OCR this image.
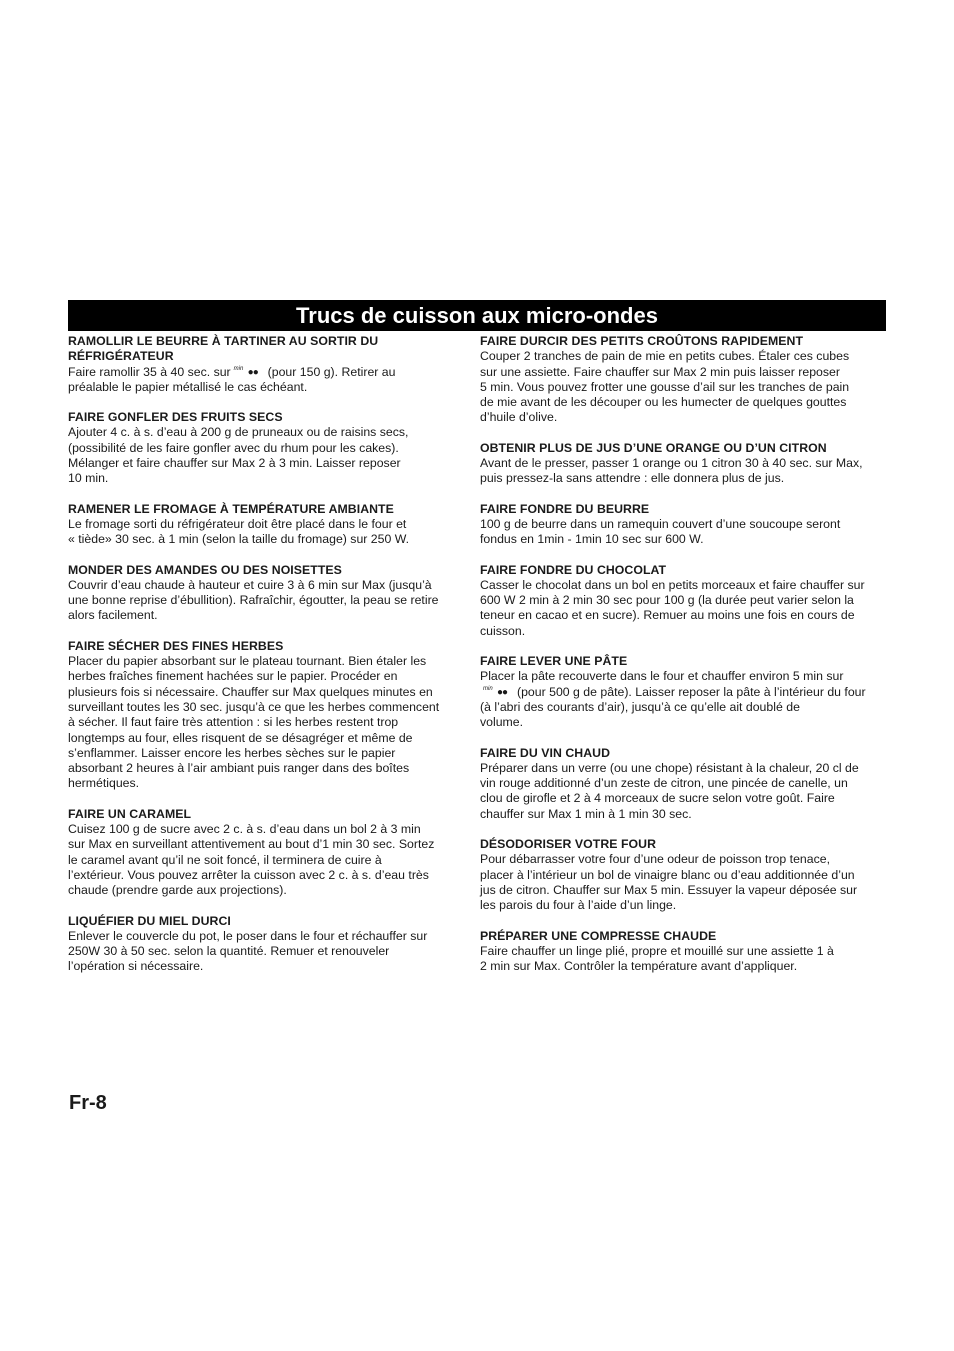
Trucs de cuisson aux micro-ondes
RAMOLLIR LE BEURRE À TARTINER AU SORTIR DU
RÉFRIGÉRATEUR

Faire ramollir 35 à 40 sec. sur min ●● (pour 150 g). Retirer au
préalable le papier métallisé le cas échéant.

FAIRE GONFLER DES FRUITS SECS

Ajouter 4 c. à s. d’eau à 200 g de pruneaux ou de raisins secs,
(possibilité de les faire gonfler avec du rhum pour les cakes).
Mélanger et faire chauffer sur Max 2 à 3 min. Laisser reposer
10 min.

RAMENER LE FROMAGE À TEMPÉRATURE AMBIANTE

Le fromage sorti du réfrigérateur doit être placé dans le four et
« tiède» 30 sec. à 1 min (selon la taille du fromage) sur 250 W.

MONDER DES AMANDES OU DES NOISETTES

Couvrir d’eau chaude à hauteur et cuire 3 à 6 min sur Max (jusqu’à
une bonne reprise d’ébullition). Rafraîchir, égoutter, la peau se retire
alors facilement.

FAIRE SÉCHER DES FINES HERBES

Placer du papier absorbant sur le plateau tournant. Bien étaler les
herbes fraîches finement hachées sur le papier. Procéder en
plusieurs fois si nécessaire. Chauffer sur Max quelques minutes en
surveillant toutes les 30 sec. jusqu’à ce que les herbes commencent
à sécher. Il faut faire très attention : si les herbes restent trop
longtemps au four, elles risquent de se désagréger et même de
s’enflammer. Laisser encore les herbes sèches sur le papier
absorbant 2 heures à l’air ambiant puis ranger dans des boîtes
hermétiques.

FAIRE UN CARAMEL

Cuisez 100 g de sucre avec 2 c. à s. d’eau dans un bol 2 à 3 min
sur Max en surveillant attentivement au bout d’1 min 30 sec. Sortez
le caramel avant qu’il ne soit foncé, il terminera de cuire à
l’extérieur. Vous pouvez arrêter la cuisson avec 2 c. à s. d’eau très
chaude (prendre garde aux projections).

LIQUÉFIER DU MIEL DURCI

Enlever le couvercle du pot, le poser dans le four et réchauffer sur
250W 30 à 50 sec. selon la quantité. Remuer et renouveler
l’opération si nécessaire.

FAIRE DURCIR DES PETITS CROÛTONS RAPIDEMENT

Couper 2 tranches de pain de mie en petits cubes. Étaler ces cubes
sur une assiette. Faire chauffer sur Max 2 min puis laisser reposer
5 min. Vous pouvez frotter une gousse d’ail sur les tranches de pain
de mie avant de les découper ou les humecter de quelques gouttes
d’huile d’olive.

OBTENIR PLUS DE JUS D’UNE ORANGE OU D’UN CITRON

Avant de le presser, passer 1 orange ou 1 citron 30 à 40 sec. sur Max,
puis pressez-la sans attendre : elle donnera plus de jus.

FAIRE FONDRE DU BEURRE

100 g de beurre dans un ramequin couvert d’une soucoupe seront
fondus en 1min - 1min 10 sec sur 600 W.

FAIRE FONDRE DU CHOCOLAT

Casser le chocolat dans un bol en petits morceaux et faire chauffer sur
600 W 2 min à 2 min 30 sec pour 100 g (la durée peut varier selon la
teneur en cacao et en sucre). Remuer au moins une fois en cours de
cuisson.

FAIRE LEVER UNE PÂTE

Placer la pâte recouverte dans le four et chauffer environ 5 min sur
min ●● (pour 500 g de pâte). Laisser reposer la pâte à l’intérieur du four
(à l’abri des courants d’air), jusqu’à ce qu’elle ait doublé de
volume.

FAIRE DU VIN CHAUD

Préparer dans un verre (ou une chope) résistant à la chaleur, 20 cl de
vin rouge additionné d’un zeste de citron, une pincée de canelle, un
clou de girofle et 2 à 4 morceaux de sucre selon votre goût. Faire
chauffer sur Max 1 min à 1 min 30 sec.

DÉSODORISER VOTRE FOUR

Pour débarrasser votre four d’une odeur de poisson trop tenace,
placer à l’intérieur un bol de vinaigre blanc ou d’eau additionnée d’un
jus de citron. Chauffer sur Max 5 min. Essuyer la vapeur déposée sur
les parois du four à l’aide d’un linge.

PRÉPARER UNE COMPRESSE CHAUDE

Faire chauffer un linge plié, propre et mouillé sur une assiette 1 à
2 min sur Max. Contrôler la température avant d’appliquer.

Fr-8
